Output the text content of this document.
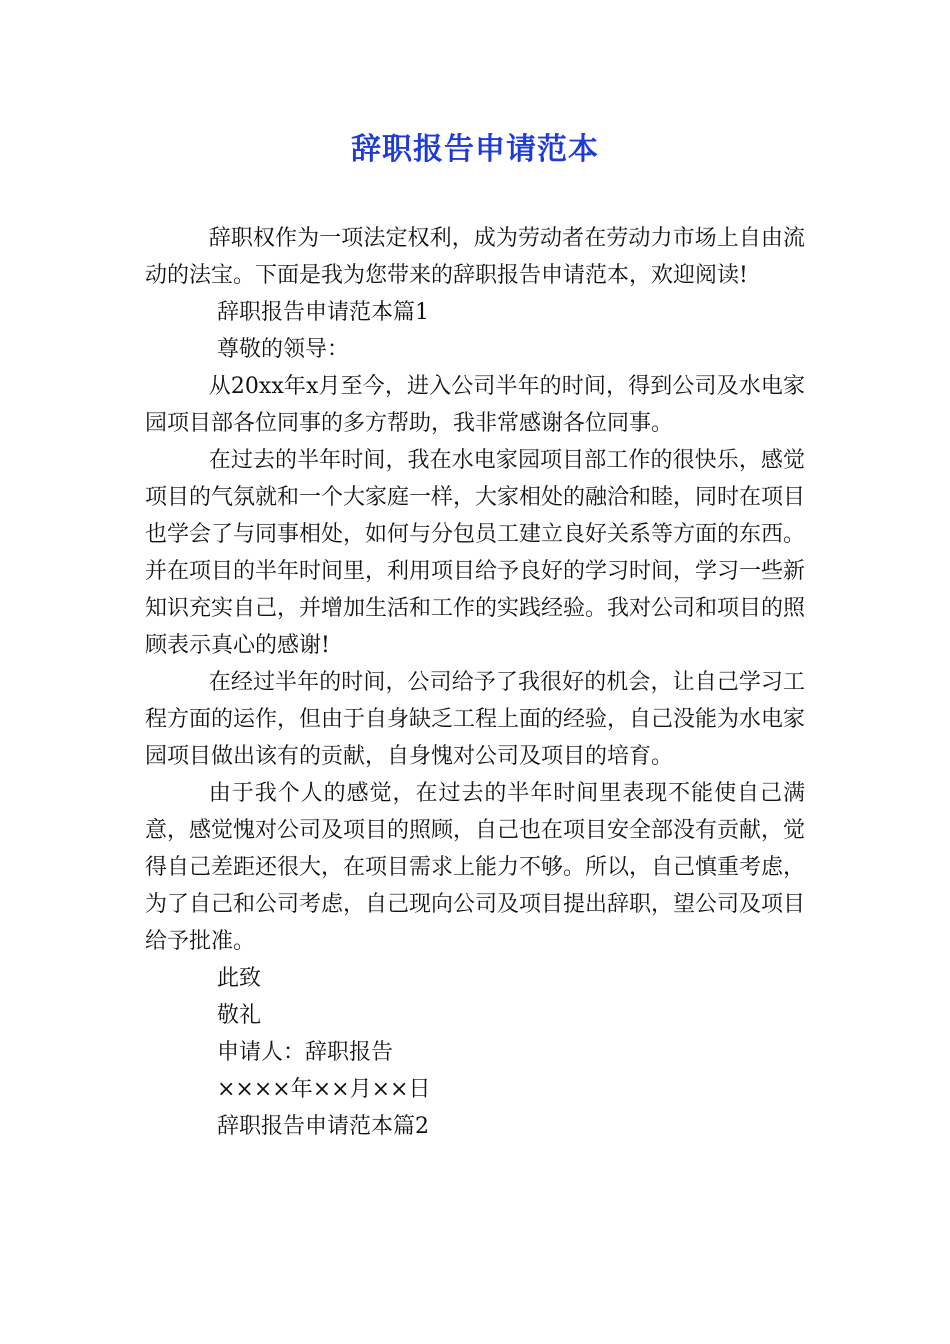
辞职报告申请范本

辞职权作为一项法定权利，成为劳动者在劳动力市场上自由流动的法宝。下面是我为您带来的辞职报告申请范本，欢迎阅读!

辞职报告申请范本篇1

尊敬的领导：

从20xx年x月至今，进入公司半年的时间，得到公司及水电家园项目部各位同事的多方帮助，我非常感谢各位同事。

在过去的半年时间，我在水电家园项目部工作的很快乐，感觉项目的气氛就和一个大家庭一样，大家相处的融洽和睦，同时在项目也学会了与同事相处，如何与分包员工建立良好关系等方面的东西。并在项目的半年时间里，利用项目给予良好的学习时间，学习一些新知识充实自己，并增加生活和工作的实践经验。我对公司和项目的照顾表示真心的感谢!

在经过半年的时间，公司给予了我很好的机会，让自己学习工程方面的运作，但由于自身缺乏工程上面的经验，自己没能为水电家园项目做出该有的贡献，自身愧对公司及项目的培育。

由于我个人的感觉，在过去的半年时间里表现不能使自己满意，感觉愧对公司及项目的照顾，自己也在项目安全部没有贡献，觉得自己差距还很大，在项目需求上能力不够。所以，自己慎重考虑，为了自己和公司考虑，自己现向公司及项目提出辞职，望公司及项目给予批准。

此致

敬礼

申请人：辞职报告

××××年××月××日

辞职报告申请范本篇2
